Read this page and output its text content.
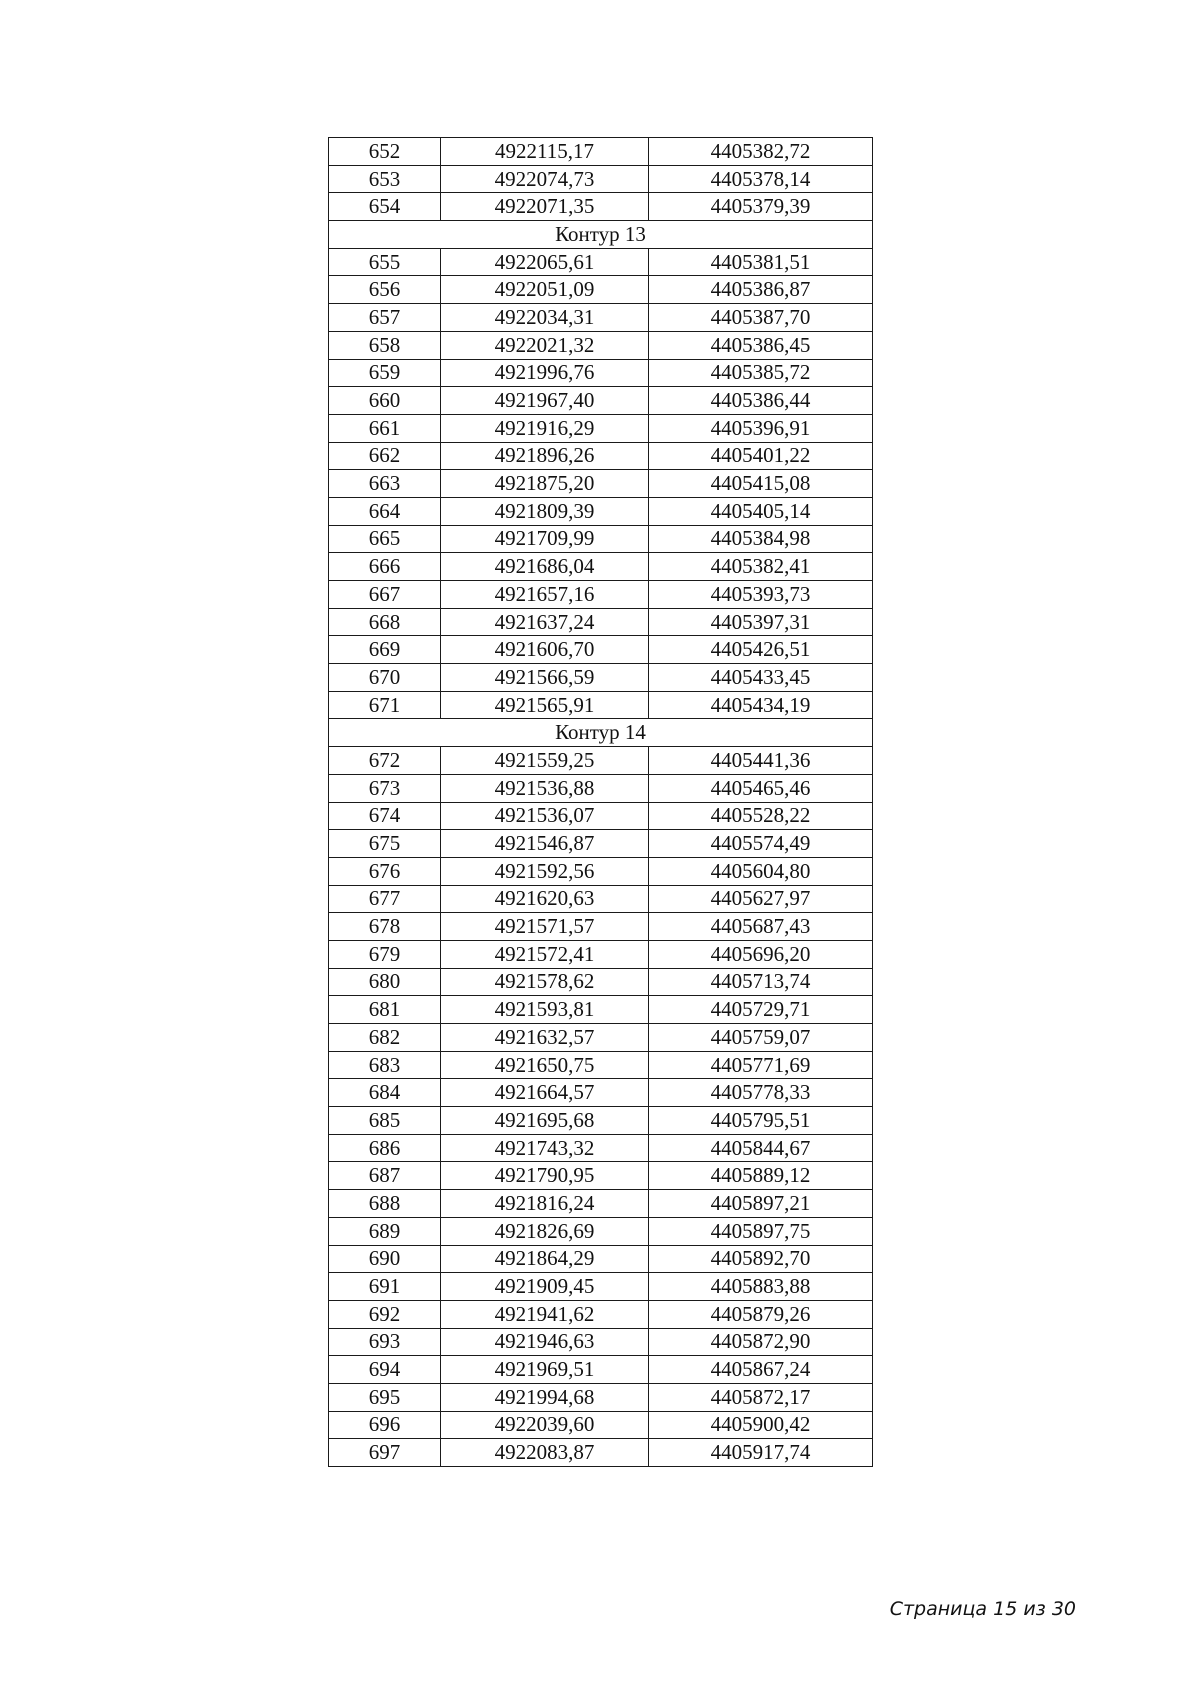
652	4922115,17	4405382,72
653	4922074,73	4405378,14
654	4922071,35	4405379,39
Контур 13		
655	4922065,61	4405381,51
656	4922051,09	4405386,87
657	4922034,31	4405387,70
658	4922021,32	4405386,45
659	4921996,76	4405385,72
660	4921967,40	4405386,44
661	4921916,29	4405396,91
662	4921896,26	4405401,22
663	4921875,20	4405415,08
664	4921809,39	4405405,14
665	4921709,99	4405384,98
666	4921686,04	4405382,41
667	4921657,16	4405393,73
668	4921637,24	4405397,31
669	4921606,70	4405426,51
670	4921566,59	4405433,45
671	4921565,91	4405434,19
Контур 14		
672	4921559,25	4405441,36
673	4921536,88	4405465,46
674	4921536,07	4405528,22
675	4921546,87	4405574,49
676	4921592,56	4405604,80
677	4921620,63	4405627,97
678	4921571,57	4405687,43
679	4921572,41	4405696,20
680	4921578,62	4405713,74
681	4921593,81	4405729,71
682	4921632,57	4405759,07
683	4921650,75	4405771,69
684	4921664,57	4405778,33
685	4921695,68	4405795,51
686	4921743,32	4405844,67
687	4921790,95	4405889,12
688	4921816,24	4405897,21
689	4921826,69	4405897,75
690	4921864,29	4405892,70
691	4921909,45	4405883,88
692	4921941,62	4405879,26
693	4921946,63	4405872,90
694	4921969,51	4405867,24
695	4921994,68	4405872,17
696	4922039,60	4405900,42
697	4922083,87	4405917,74
Страница 15 из 30
